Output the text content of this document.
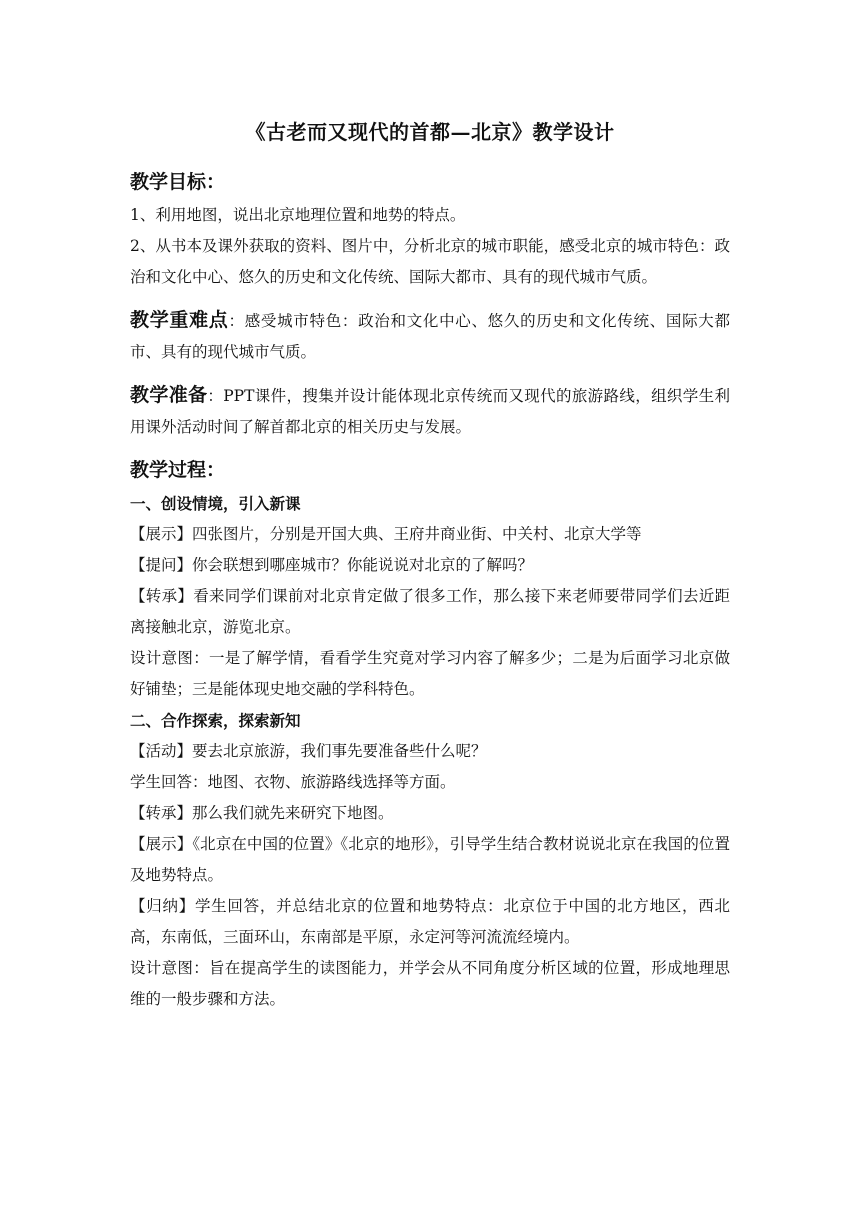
《古老而又现代的首都—北京》教学设计

教学目标：

1、利用地图，说出北京地理位置和地势的特点。

2、从书本及课外获取的资料、图片中，分析北京的城市职能，感受北京的城市特色：政治和文化中心、悠久的历史和文化传统、国际大都市、具有的现代城市气质。

教学重难点：感受城市特色：政治和文化中心、悠久的历史和文化传统、国际大都市、具有的现代城市气质。

教学准备：PPT课件，搜集并设计能体现北京传统而又现代的旅游路线，组织学生利用课外活动时间了解首都北京的相关历史与发展。

教学过程：

一、创设情境，引入新课

【展示】四张图片，分别是开国大典、王府井商业街、中关村、北京大学等

【提问】你会联想到哪座城市？你能说说对北京的了解吗？

【转承】看来同学们课前对北京肯定做了很多工作，那么接下来老师要带同学们去近距离接触北京，游览北京。

设计意图：一是了解学情，看看学生究竟对学习内容了解多少；二是为后面学习北京做好铺垫；三是能体现史地交融的学科特色。

二、合作探索，探索新知

【活动】要去北京旅游，我们事先要准备些什么呢？

学生回答：地图、衣物、旅游路线选择等方面。

【转承】那么我们就先来研究下地图。

【展示】《北京在中国的位置》《北京的地形》，引导学生结合教材说说北京在我国的位置及地势特点。

【归纳】学生回答，并总结北京的位置和地势特点：北京位于中国的北方地区，西北高，东南低，三面环山，东南部是平原，永定河等河流流经境内。

设计意图：旨在提高学生的读图能力，并学会从不同角度分析区域的位置，形成地理思维的一般步骤和方法。
